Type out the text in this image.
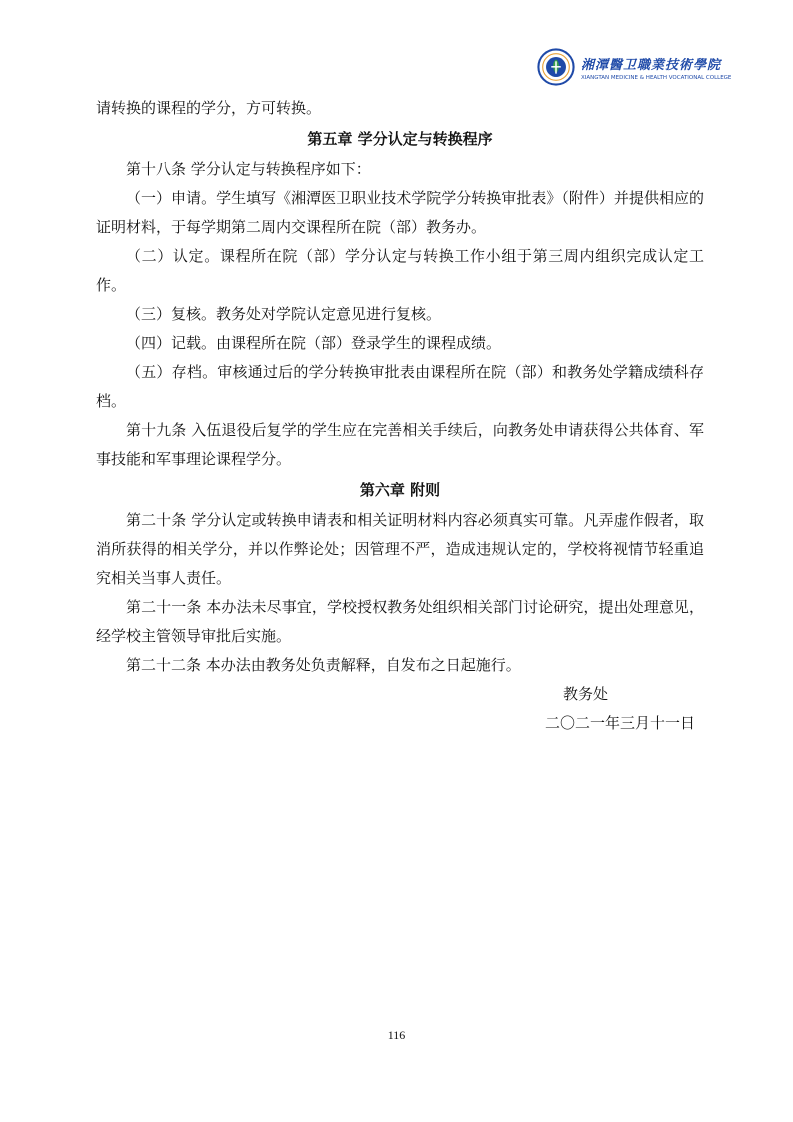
湘潭醫卫職業技術學院
XIANGTAN MEDICINE & HEALTH VOCATIONAL COLLEGE

请转换的课程的学分，方可转换。

第五章 学分认定与转换程序

第十八条 学分认定与转换程序如下：

（一）申请。学生填写《湘潭医卫职业技术学院学分转换审批表》（附件）并提供相应的证明材料，于每学期第二周内交课程所在院（部）教务办。

（二）认定。课程所在院（部）学分认定与转换工作小组于第三周内组织完成认定工作。

（三）复核。教务处对学院认定意见进行复核。

（四）记载。由课程所在院（部）登录学生的课程成绩。

（五）存档。审核通过后的学分转换审批表由课程所在院（部）和教务处学籍成绩科存档。

第十九条 入伍退役后复学的学生应在完善相关手续后，向教务处申请获得公共体育、军事技能和军事理论课程学分。

第六章 附则

第二十条 学分认定或转换申请表和相关证明材料内容必须真实可靠。凡弄虚作假者，取消所获得的相关学分，并以作弊论处；因管理不严，造成违规认定的，学校将视情节轻重追究相关当事人责任。

第二十一条 本办法未尽事宜，学校授权教务处组织相关部门讨论研究，提出处理意见，经学校主管领导审批后实施。

第二十二条 本办法由教务处负责解释，自发布之日起施行。

教务处
二〇二一年三月十一日
116
